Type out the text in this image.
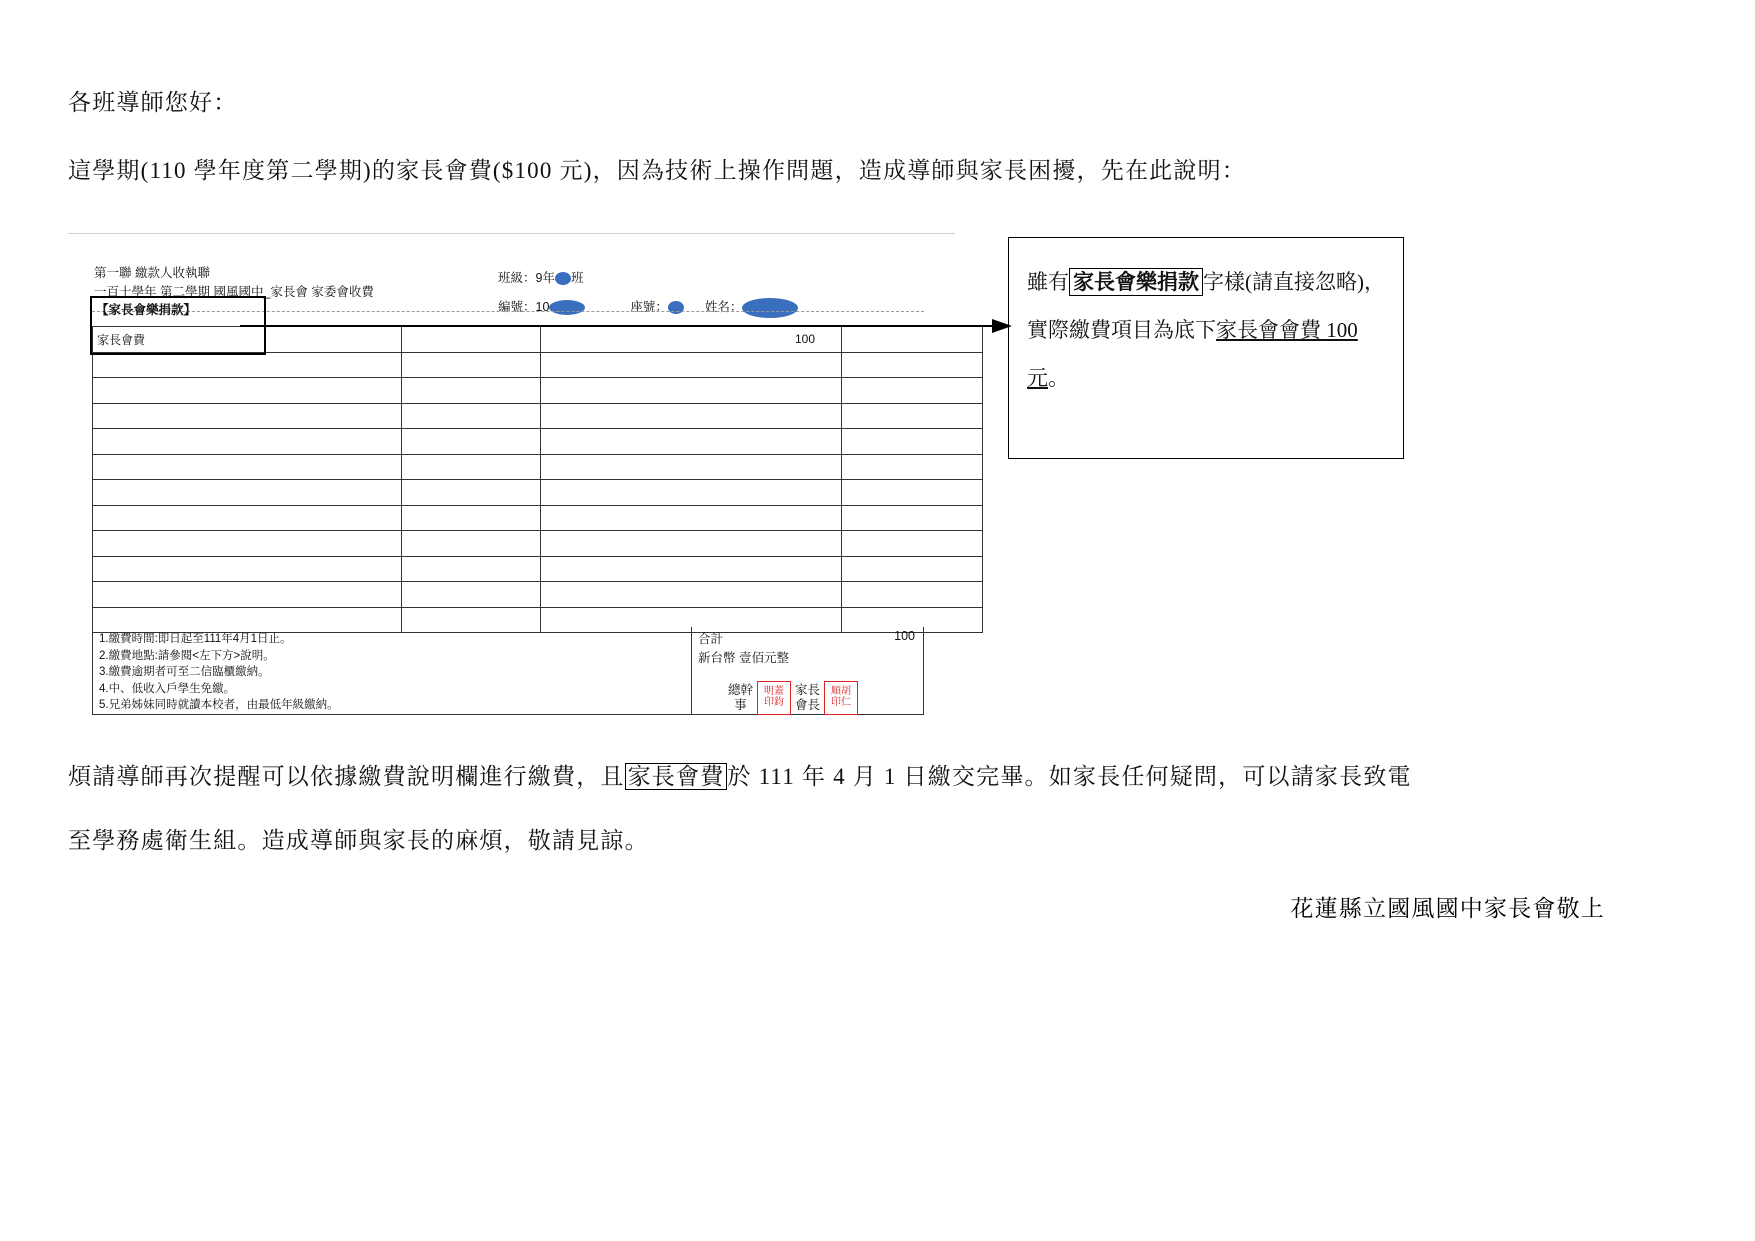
各班導師您好：
這學期(110 學年度第二學期)的家長會費($100 元)，因為技術上操作問題，造成導師與家長困擾，先在此說明：
第一聯 繳款人收執聯
一百十學年 第二學期 國風國中_家長會 家委會收費
班級：9年 班
編號：10	座號：	姓名：
【家長會樂捐款】
家長會費		100	

1.繳費時間:即日起至111年4月1日止。
2.繳費地點:請參閱<左下方>說明。
3.繳費逾期者可至二信臨櫃繳納。
4.中、低收入戶學生免繳。
5.兄弟姊妹同時就讀本校者，由最低年級繳納。
合計	100
新台幣 壹佰元整
總幹
事
明蓋
印鈞
家長
會長
順胡
印仁
雖有 家長會樂捐款 字樣(請直接忽略)，實際繳費項目為底下家長會會費 100 元。
煩請導師再次提醒可以依據繳費說明欄進行繳費，且 家長會費 於 111 年 4 月 1 日繳交完畢。如家長任何疑問，可以請家長致電
至學務處衛生組。造成導師與家長的麻煩，敬請見諒。
花蓮縣立國風國中家長會敬上
